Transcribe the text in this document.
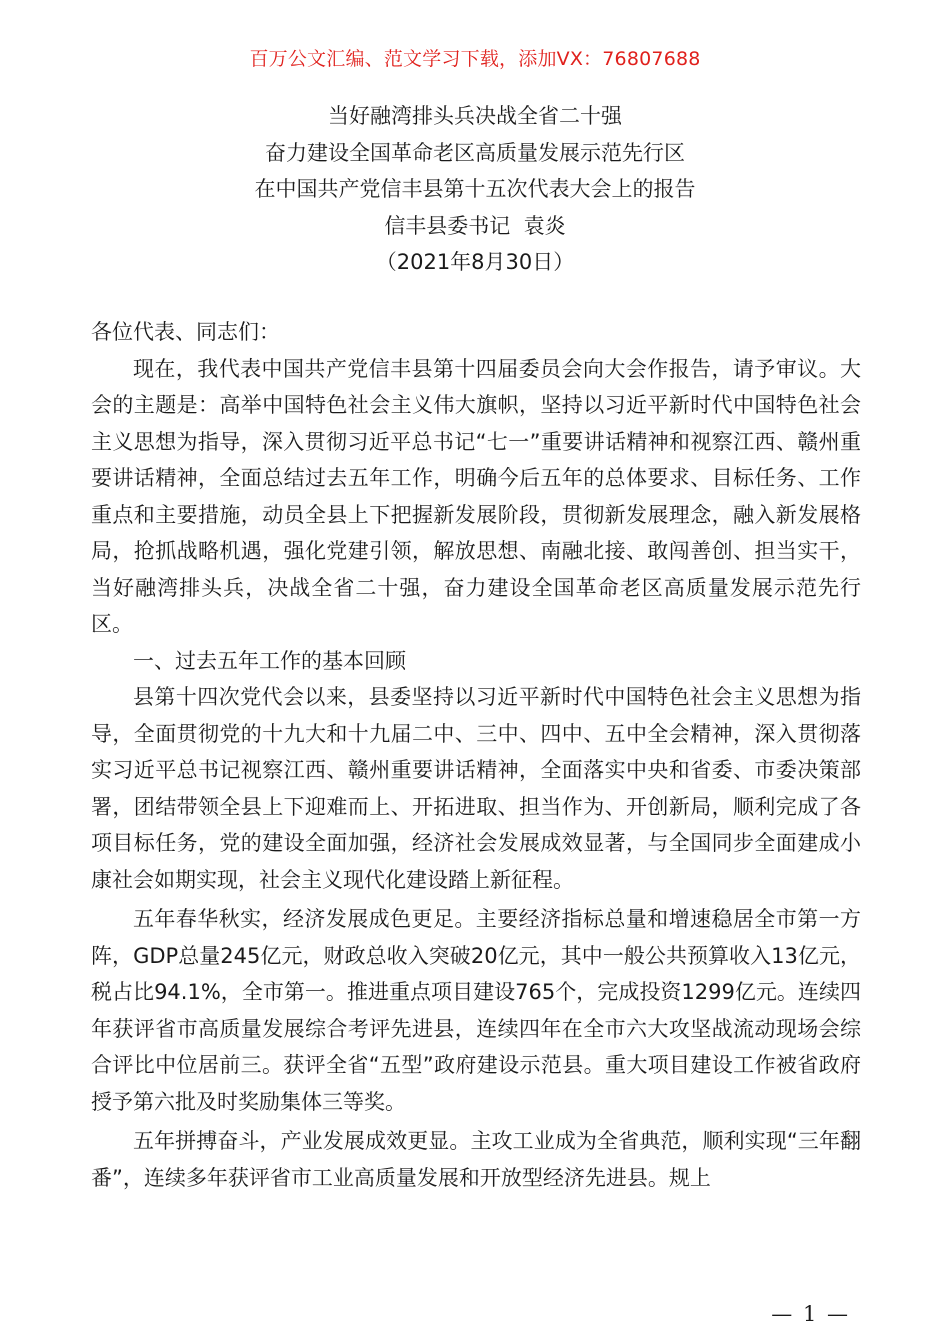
百万公文汇编、范文学习下载，添加VX：76807688
当好融湾排头兵决战全省二十强
奋力建设全国革命老区高质量发展示范先行区
在中国共产党信丰县第十五次代表大会上的报告
信丰县委书记  袁炎
（2021年8月30日）

各位代表、同志们：

现在，我代表中国共产党信丰县第十四届委员会向大会作报告，请予审议。大会的主题是：高举中国特色社会主义伟大旗帜，坚持以习近平新时代中国特色社会主义思想为指导，深入贯彻习近平总书记“七一”重要讲话精神和视察江西、赣州重要讲话精神，全面总结过去五年工作，明确今后五年的总体要求、目标任务、工作重点和主要措施，动员全县上下把握新发展阶段，贯彻新发展理念，融入新发展格局，抢抓战略机遇，强化党建引领，解放思想、南融北接、敢闯善创、担当实干，当好融湾排头兵，决战全省二十强，奋力建设全国革命老区高质量发展示范先行区。

一、过去五年工作的基本回顾

县第十四次党代会以来，县委坚持以习近平新时代中国特色社会主义思想为指导，全面贯彻党的十九大和十九届二中、三中、四中、五中全会精神，深入贯彻落实习近平总书记视察江西、赣州重要讲话精神，全面落实中央和省委、市委决策部署，团结带领全县上下迎难而上、开拓进取、担当作为、开创新局，顺利完成了各项目标任务，党的建设全面加强，经济社会发展成效显著，与全国同步全面建成小康社会如期实现，社会主义现代化建设踏上新征程。

五年春华秋实，经济发展成色更足。主要经济指标总量和增速稳居全市第一方阵，GDP总量245亿元，财政总收入突破20亿元，其中一般公共预算收入13亿元，税占比94.1%，全市第一。推进重点项目建设765个，完成投资1299亿元。连续四年获评省市高质量发展综合考评先进县，连续四年在全市六大攻坚战流动现场会综合评比中位居前三。获评全省“五型”政府建设示范县。重大项目建设工作被省政府授予第六批及时奖励集体三等奖。

五年拼搏奋斗，产业发展成效更显。主攻工业成为全省典范，顺利实现“三年翻番”，连续多年获评省市工业高质量发展和开放型经济先进县。规上

— 1 —
